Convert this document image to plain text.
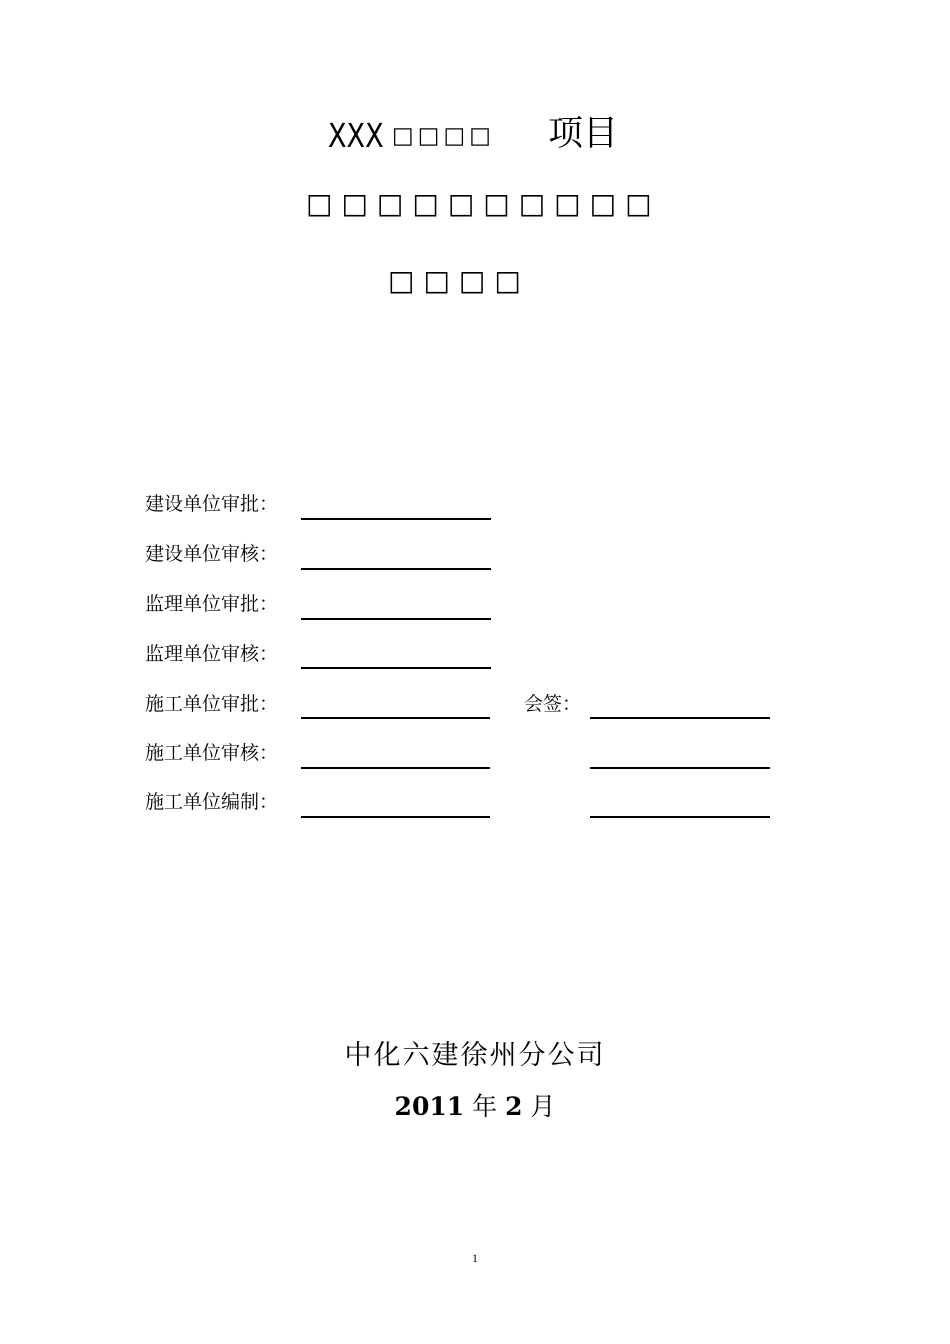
XXX □□□□ 项目
□□□□□□□□□□
□□□□
建设单位审批：
建设单位审核：
监理单位审批：
监理单位审核：
施工单位审批：
施工单位审核：
施工单位编制：
会签：
中化六建徐州分公司
2011 年 2 月
1
